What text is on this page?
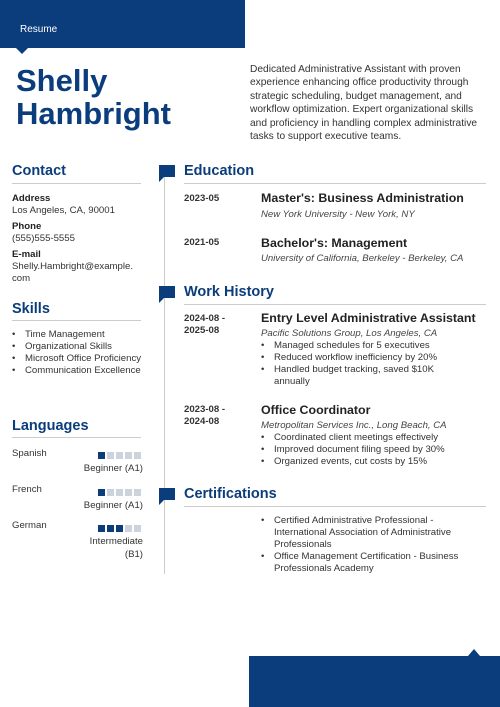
Resume
Shelly
Hambright
Dedicated Administrative Assistant with proven experience enhancing office productivity through strategic scheduling, budget management, and workflow optimization. Expert organizational skills and proficiency in handling complex administrative tasks to support executive teams.
Contact
Address
Los Angeles, CA, 90001
Phone
(555)555-5555
E-mail
Shelly.Hambright@example.
com
Skills
• Time Management
• Organizational Skills
• Microsoft Office Proficiency
• Communication Excellence
Languages
Spanish
Beginner (A1)
French
Beginner (A1)
German
Intermediate
(B1)
Education
2023-05	Master's: Business Administration
New York University - New York, NY
2021-05	Bachelor's: Management
University of California, Berkeley - Berkeley, CA
Work History
2024-08 -
2025-08
Entry Level Administrative Assistant
Pacific Solutions Group, Los Angeles, CA
• Managed schedules for 5 executives
• Reduced workflow inefficiency by 20%
• Handled budget tracking, saved $10K annually
2023-08 -
2024-08
Office Coordinator
Metropolitan Services Inc., Long Beach, CA
• Coordinated client meetings effectively
• Improved document filing speed by 30%
• Organized events, cut costs by 15%
Certifications
• Certified Administrative Professional - International Association of Administrative Professionals
• Office Management Certification - Business Professionals Academy
